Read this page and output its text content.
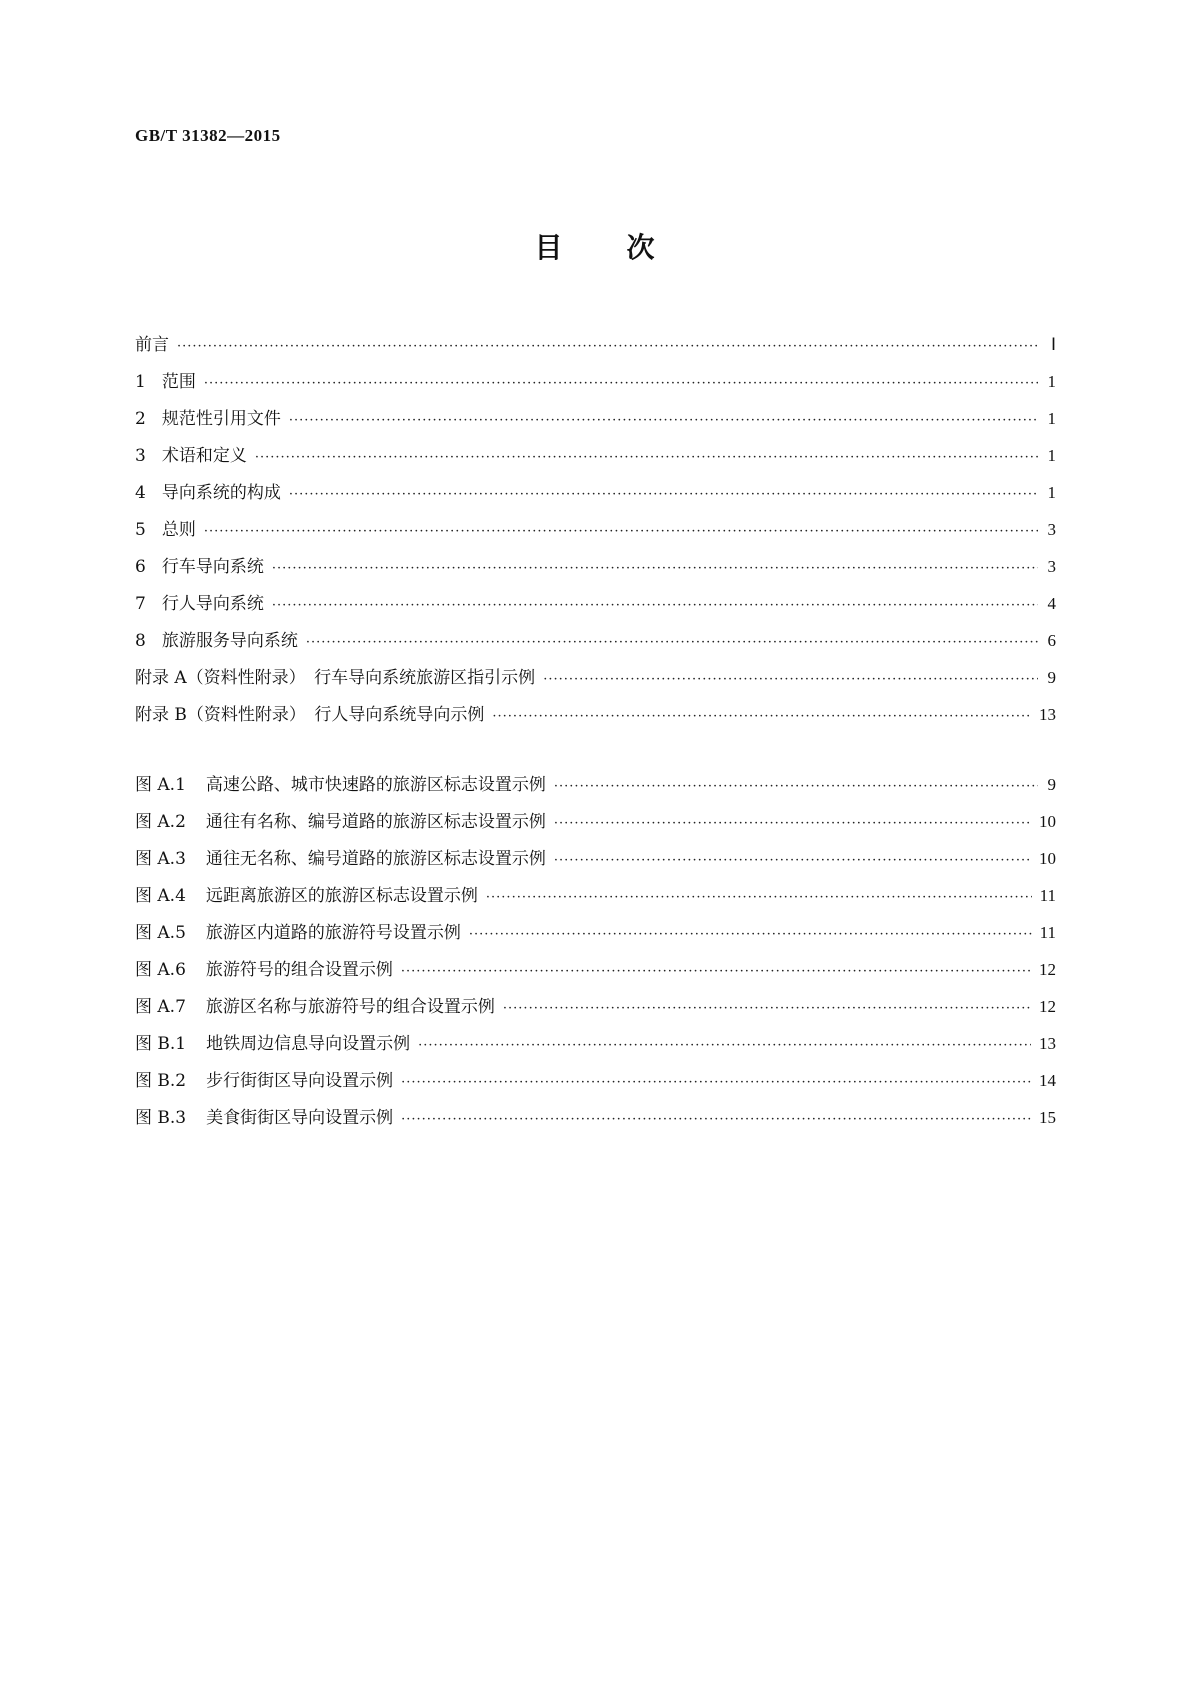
GB/T 31382—2015
目 次
前言 ·····	Ⅰ
1 范围 ·····	1
2 规范性引用文件 ·····	1
3 术语和定义 ·····	1
4 导向系统的构成 ·····	1
5 总则 ·····	3
6 行车导向系统 ·····	3
7 行人导向系统 ·····	4
8 旅游服务导向系统 ·····	6
附录 A（资料性附录）　行车导向系统旅游区指引示例 ·····	9
附录 B（资料性附录）　行人导向系统导向示例 ·····	13
图 A.1 高速公路、城市快速路的旅游区标志设置示例 ·····	9
图 A.2 通往有名称、编号道路的旅游区标志设置示例 ·····	10
图 A.3 通往无名称、编号道路的旅游区标志设置示例 ·····	10
图 A.4 远距离旅游区的旅游区标志设置示例 ·····	11
图 A.5 旅游区内道路的旅游符号设置示例 ·····	11
图 A.6 旅游符号的组合设置示例 ·····	12
图 A.7 旅游区名称与旅游符号的组合设置示例 ·····	12
图 B.1 地铁周边信息导向设置示例 ·····	13
图 B.2 步行街街区导向设置示例 ·····	14
图 B.3 美食街街区导向设置示例 ·····	15
